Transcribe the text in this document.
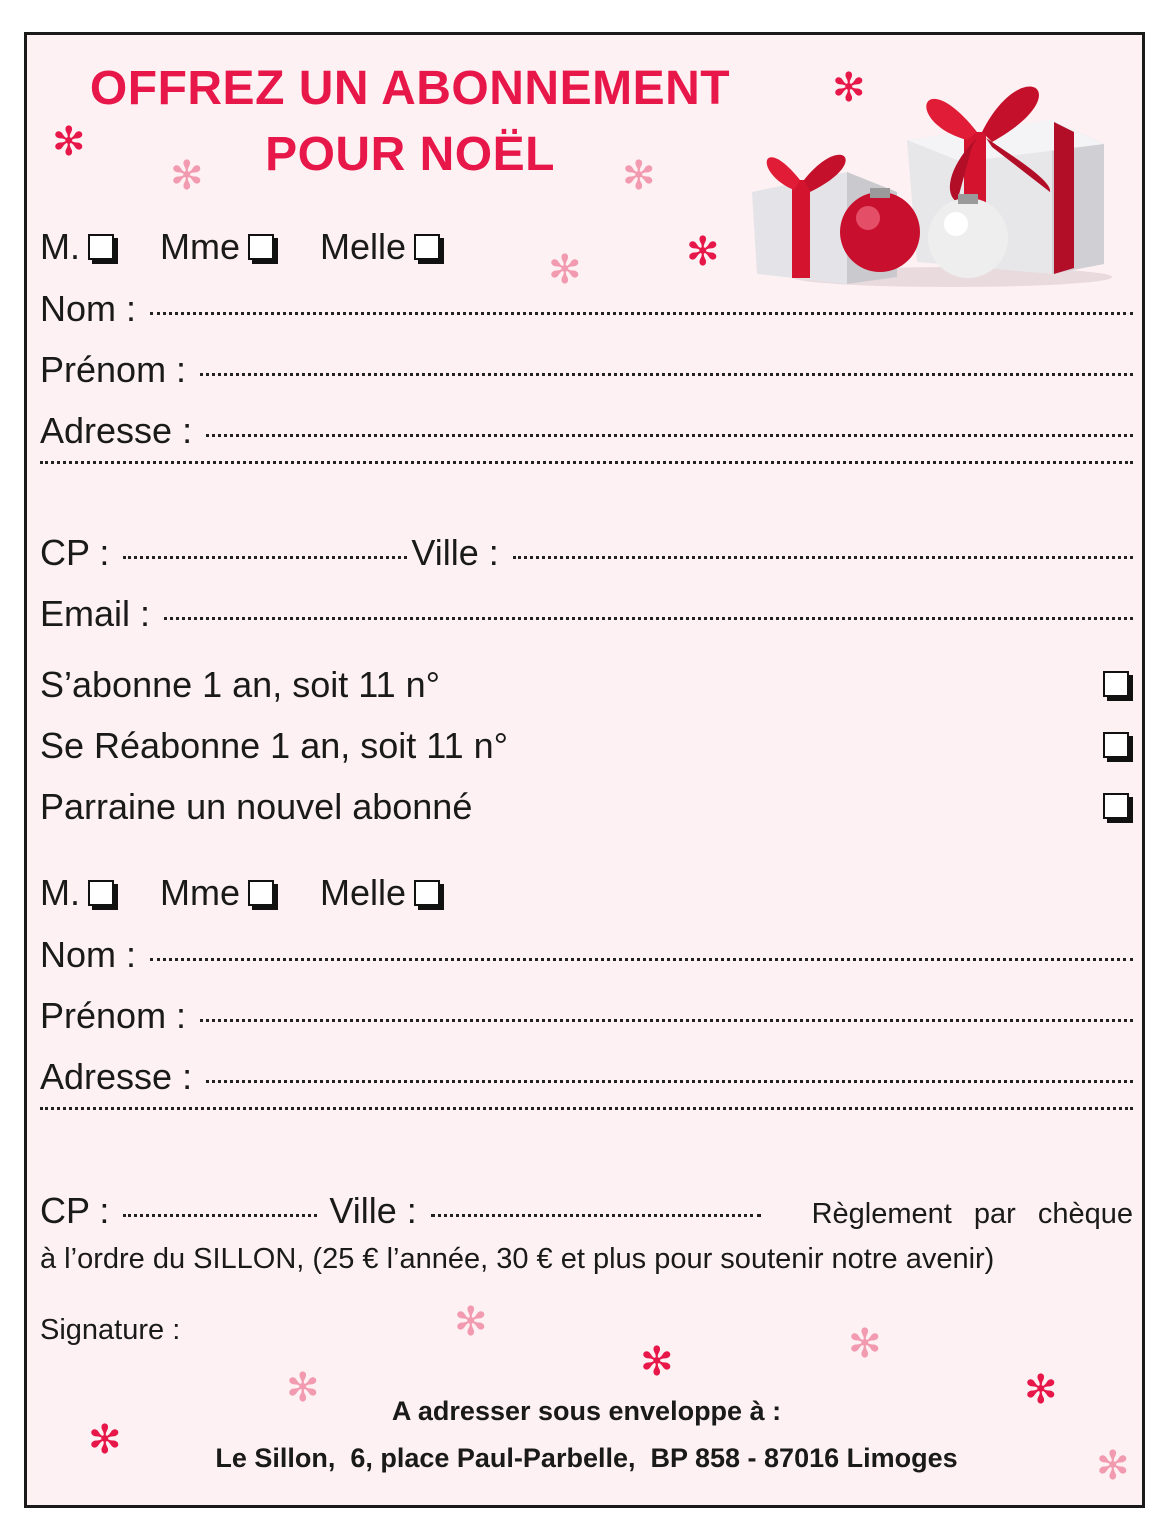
✻
✻	✻
✻
✻
✻
✻	✻
✻
✻	✻
✻
✻
OFFREZ UN ABONNEMENT
POUR NOËL
M. Mme Melle
Nom :
Prénom :
Adresse :
CP :	Ville :
Email :
S’abonne 1 an, soit 11 n°
Se Réabonne 1 an, soit 11 n°
Parraine un nouvel abonné
M. Mme Melle
Nom :
Prénom :
Adresse :
CP :	Ville :	Règlement par chèque
à l’ordre du SILLON, (25 € l’année, 30 € et plus pour soutenir notre avenir)
Signature :
A adresser sous enveloppe à :
Le Sillon,  6, place Paul-Parbelle,  BP 858 - 87016 Limoges
